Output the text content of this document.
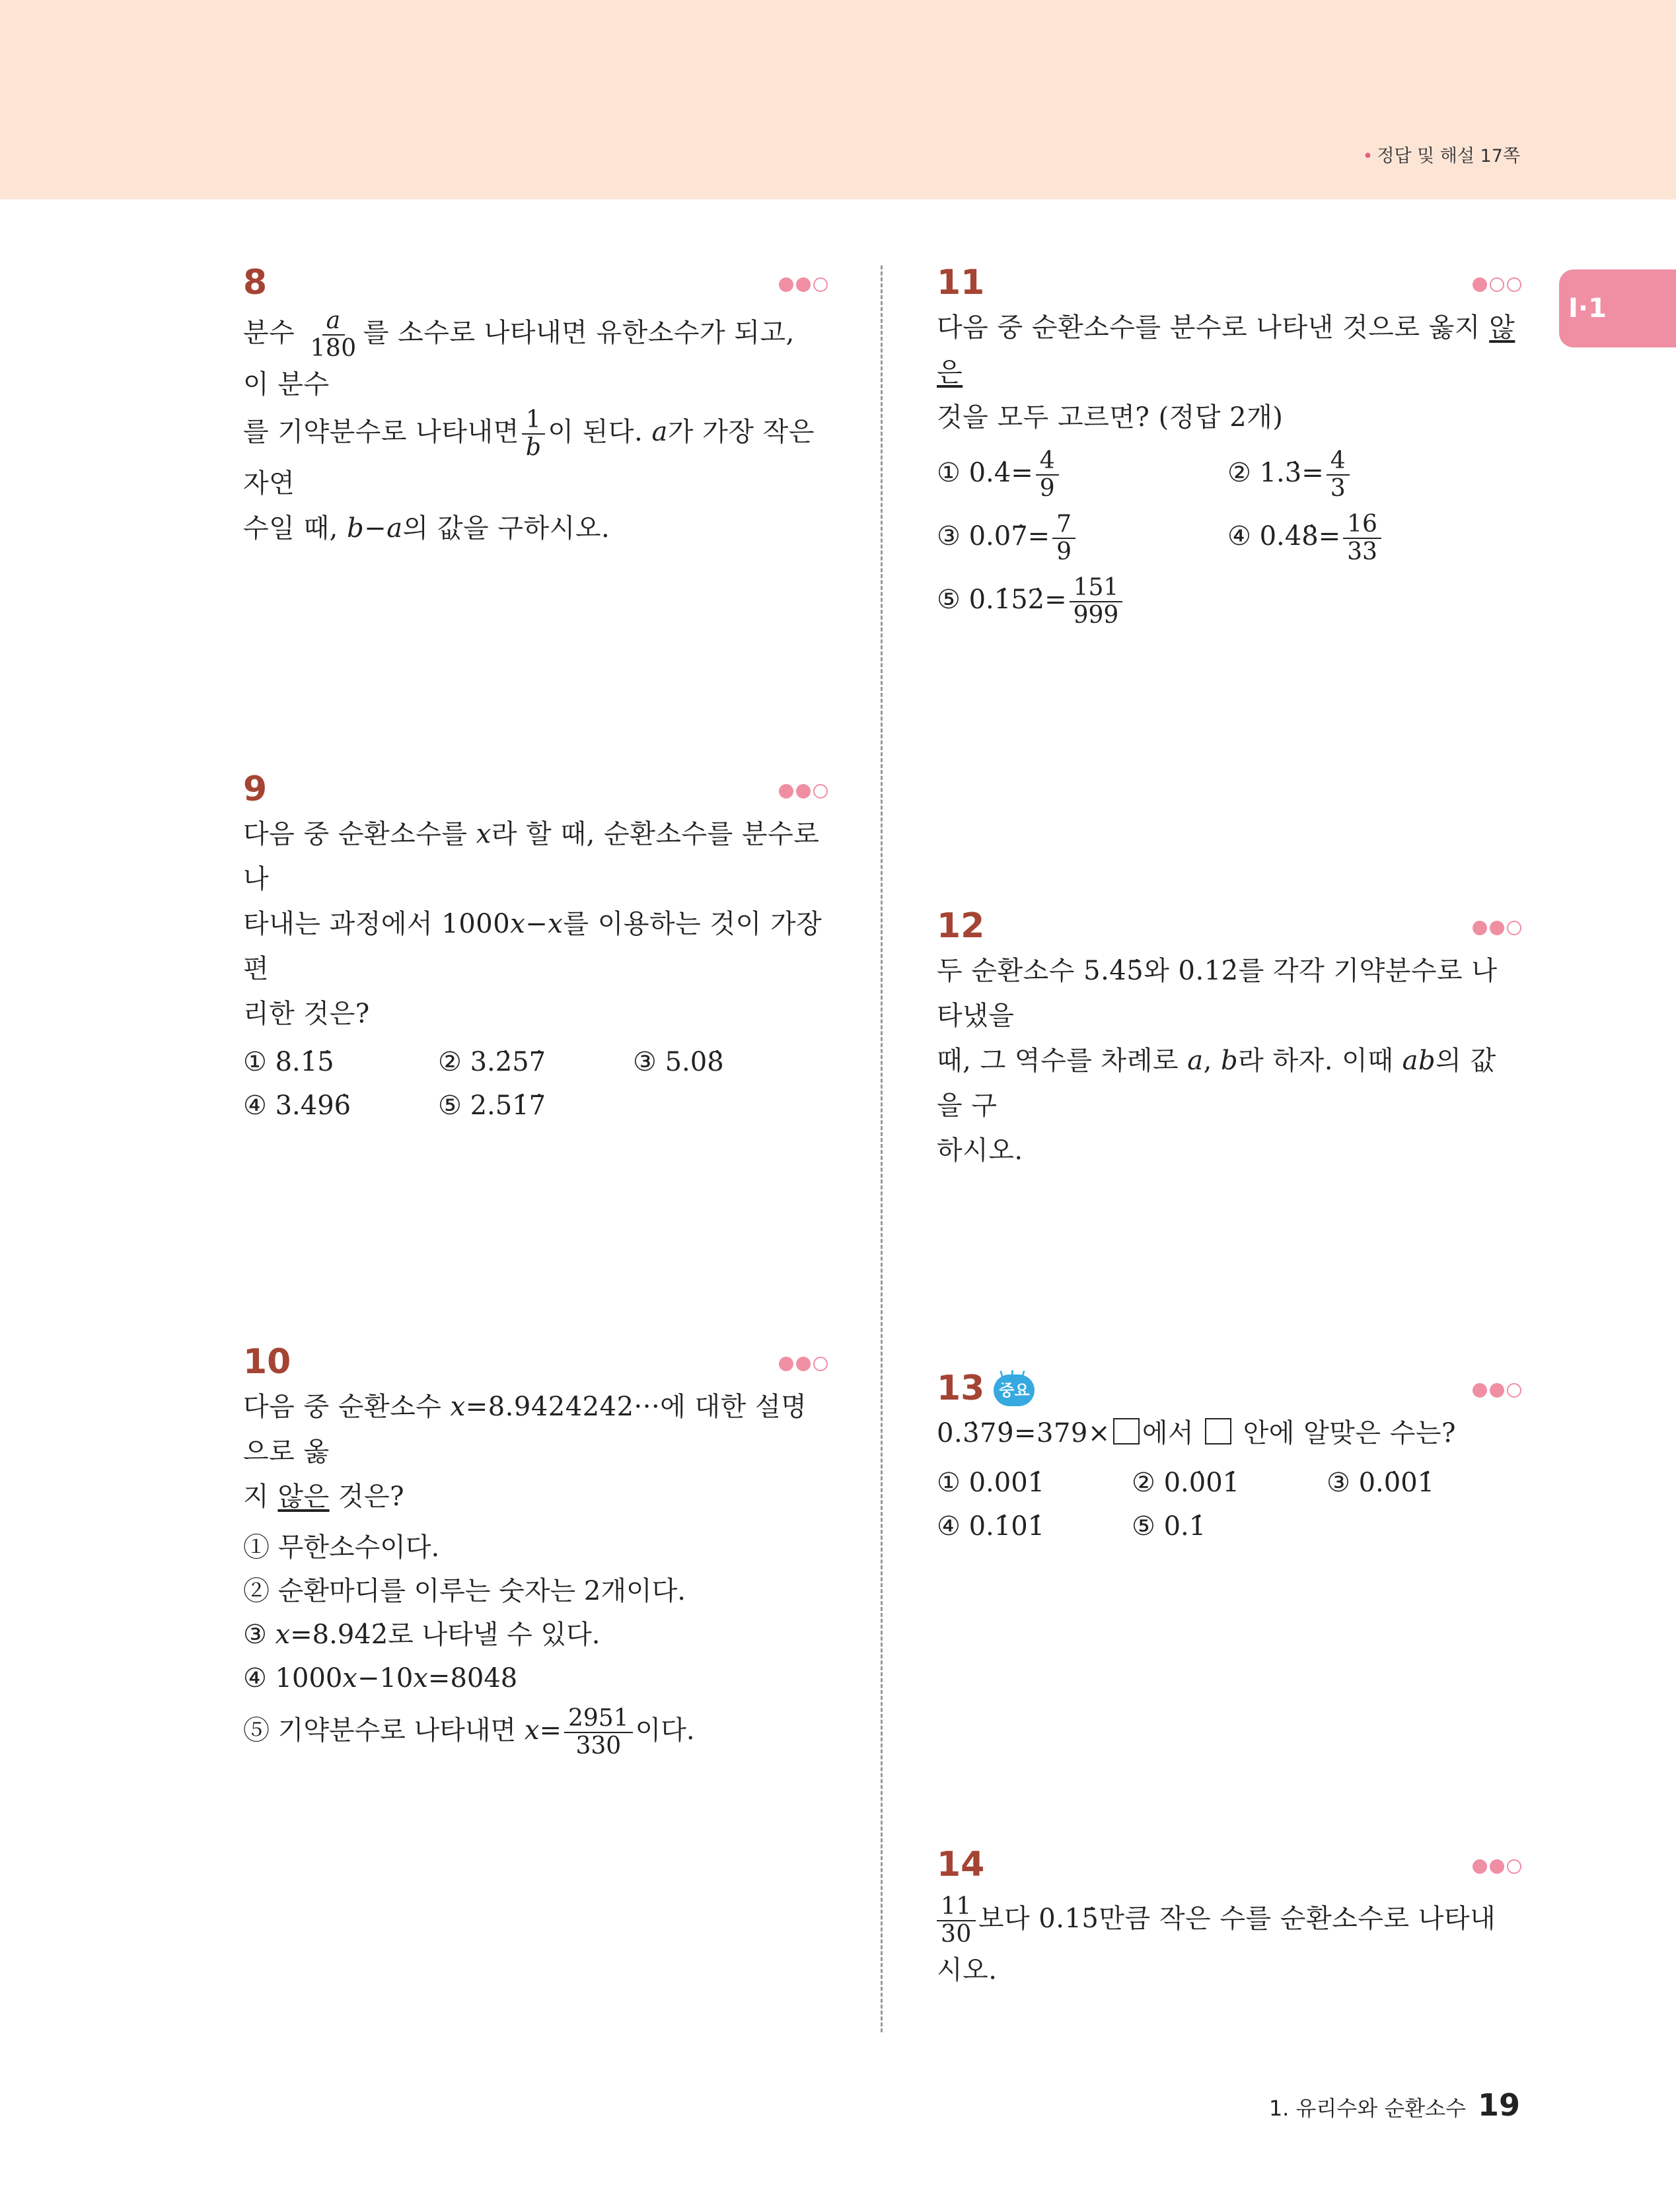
• 정답 및 해설 17쪽
I·1
8

분수 $\frac{a}{180}$ 를 소수로 나타내면 유한소수가 되고, 이 분수
를 기약분수로 나타내면 $\frac{1}{b}$ 이 된다. a가 가장 작은 자연
수일 때, b−a의 값을 구하시오.

9

다음 중 순환소수를 x라 할 때, 순환소수를 분수로 나
타내는 과정에서 1000x−x를 이용하는 것이 가장 편
리한 것은?

① 8.1̇5̇	② 3.2̇57̇	③ 5.08̇
④ 3.496̇	⑤ 2.51̇7̇
10

다음 중 순환소수 x=8.9424242···에 대한 설명으로 옳
지 않은 것은?

① 무한소수이다.
② 순환마디를 이루는 숫자는 2개이다.
③ x=8.94̇2̇로 나타낼 수 있다.
④ 1000x−10x=8048
⑤ 기약분수로 나타내면 $x= \frac{2951}{330}$ 이다.
11

다음 중 순환소수를 분수로 나타낸 것으로 옳지 않은
것을 모두 고르면? (정답 2개)

① 0.4̇= $\frac{4}{9}$	② 1.3̇= $\frac{4}{3}$
③ 0.07̇= $\frac{7}{9}$	④ 0.4̇8̇= $\frac{16}{33}$
⑤ 0.1̇52̇= $\frac{151}{999}$
12

두 순환소수 5.4̇5̇와 0.12̇를 각각 기약분수로 나타냈을
때, 그 역수를 차례로 a, b라 하자. 이때 ab의 값을 구
하시오.

13 \|/
중요

0.3̇79̇=379× 에서 안에 알맞은 수는?

① 0.001̇	② 0.0̇01̇	③ 0.0̇01̇
④ 0.1̇01̇	⑤ 0.1̇
14

$\frac{11}{30}$ 보다 0.15̇만큼 작은 수를 순환소수로 나타내시오.

1. 유리수와 순환소수 19
